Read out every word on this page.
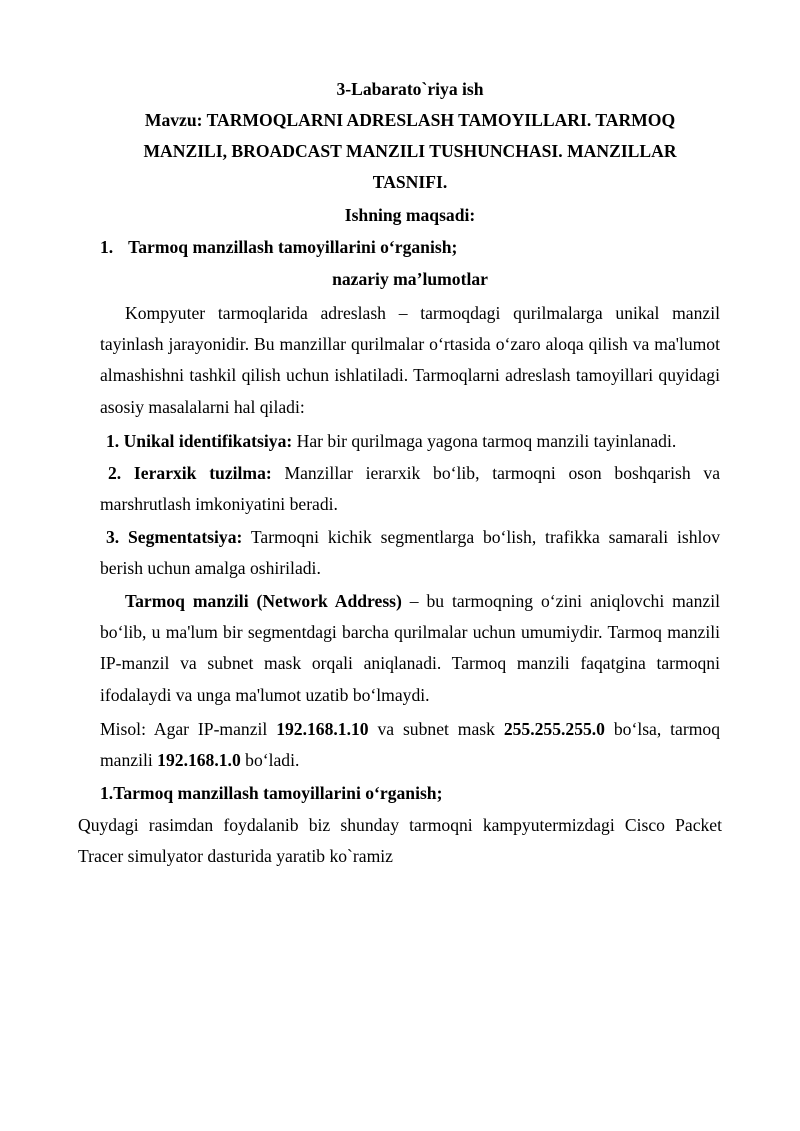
3-Labarato`riya ish
Mavzu: TARMOQLARNI ADRESLASH TAMOYILLARI. TARMOQ
MANZILI, BROADCAST MANZILI TUSHUNCHASI. MANZILLAR
TASNIFI.
Ishning maqsadi:
1. Tarmoq manzillash tamoyillarini o‘rganish;
nazariy ma’lumotlar
Kompyuter tarmoqlarida adreslash – tarmoqdagi qurilmalarga unikal manzil tayinlash jarayonidir. Bu manzillar qurilmalar o‘rtasida o‘zaro aloqa qilish va ma'lumot almashishni tashkil qilish uchun ishlatiladi. Tarmoqlarni adreslash tamoyillari quyidagi asosiy masalalarni hal qiladi:
1. Unikal identifikatsiya: Har bir qurilmaga yagona tarmoq manzili tayinlanadi.
2. Ierarxik tuzilma: Manzillar ierarxik bo‘lib, tarmoqni oson boshqarish va marshrutlash imkoniyatini beradi.
3. Segmentatsiya: Tarmoqni kichik segmentlarga bo‘lish, trafikka samarali ishlov berish uchun amalga oshiriladi.
Tarmoq manzili (Network Address) – bu tarmoqning o‘zini aniqlovchi manzil bo‘lib, u ma'lum bir segmentdagi barcha qurilmalar uchun umumiydir. Tarmoq manzili IP-manzil va subnet mask orqali aniqlanadi. Tarmoq manzili faqatgina tarmoqni ifodalaydi va unga ma'lumot uzatib bo‘lmaydi.
Misol: Agar IP-manzil 192.168.1.10 va subnet mask 255.255.255.0 bo‘lsa, tarmoq manzili 192.168.1.0 bo‘ladi.
1.Tarmoq manzillash tamoyillarini o‘rganish;
Quydagi rasimdan foydalanib biz shunday tarmoqni kampyutermizdagi Cisco Packet Tracer simulyator dasturida yaratib ko`ramiz
